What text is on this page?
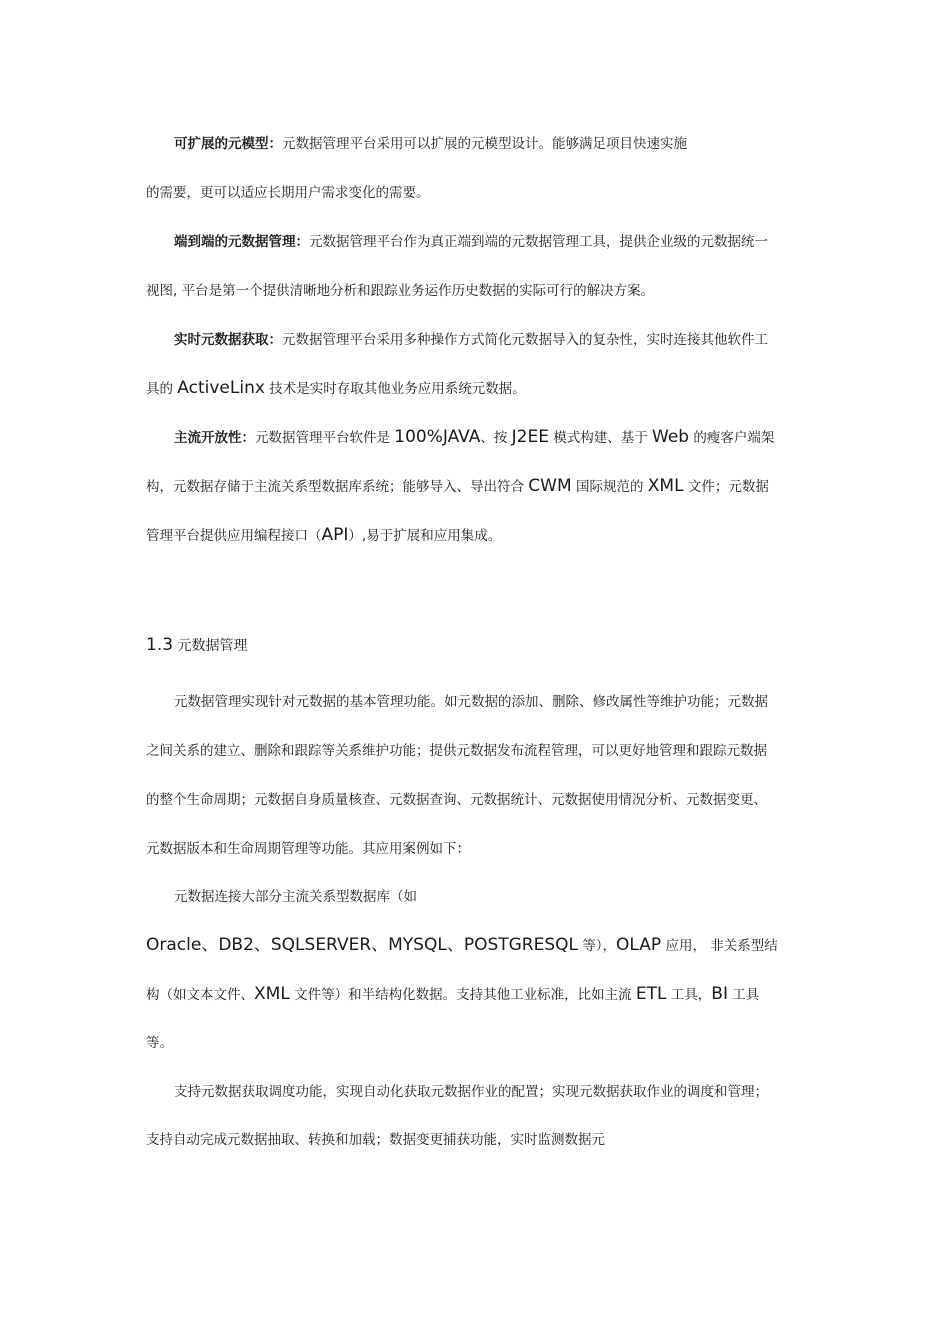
可扩展的元模型：元数据管理平台采用可以扩展的元模型设计。能够满足项目快速实施
的需要，更可以适应长期用户需求变化的需要。
端到端的元数据管理：元数据管理平台作为真正端到端的元数据管理工具，提供企业级的元数据统一
视图, 平台是第一个提供清晰地分析和跟踪业务运作历史数据的实际可行的解决方案。
实时元数据获取：元数据管理平台采用多种操作方式简化元数据导入的复杂性，实时连接其他软件工
具的 ActiveLinx 技术是实时存取其他业务应用系统元数据。
主流开放性：元数据管理平台软件是 100%JAVA、按 J2EE 模式构建、基于 Web 的瘦客户端架
构，元数据存储于主流关系型数据库系统；能够导入、导出符合 CWM 国际规范的 XML 文件；元数据
管理平台提供应用编程接口（API）,易于扩展和应用集成。
1.3 元数据管理
元数据管理实现针对元数据的基本管理功能。如元数据的添加、删除、修改属性等维护功能；元数据
之间关系的建立、删除和跟踪等关系维护功能；提供元数据发布流程管理，可以更好地管理和跟踪元数据
的整个生命周期；元数据自身质量核查、元数据查询、元数据统计、元数据使用情况分析、元数据变更、
元数据版本和生命周期管理等功能。其应用案例如下：
元数据连接大部分主流关系型数据库（如
Oracle、DB2、SQLSERVER、MYSQL、POSTGRESQL 等），OLAP 应用， 非关系型结
构（如文本文件、XML 文件等）和半结构化数据。支持其他工业标准，比如主流 ETL 工具，BI 工具
等。
支持元数据获取调度功能，实现自动化获取元数据作业的配置；实现元数据获取作业的调度和管理；
支持自动完成元数据抽取、转换和加载；数据变更捕获功能，实时监测数据元
